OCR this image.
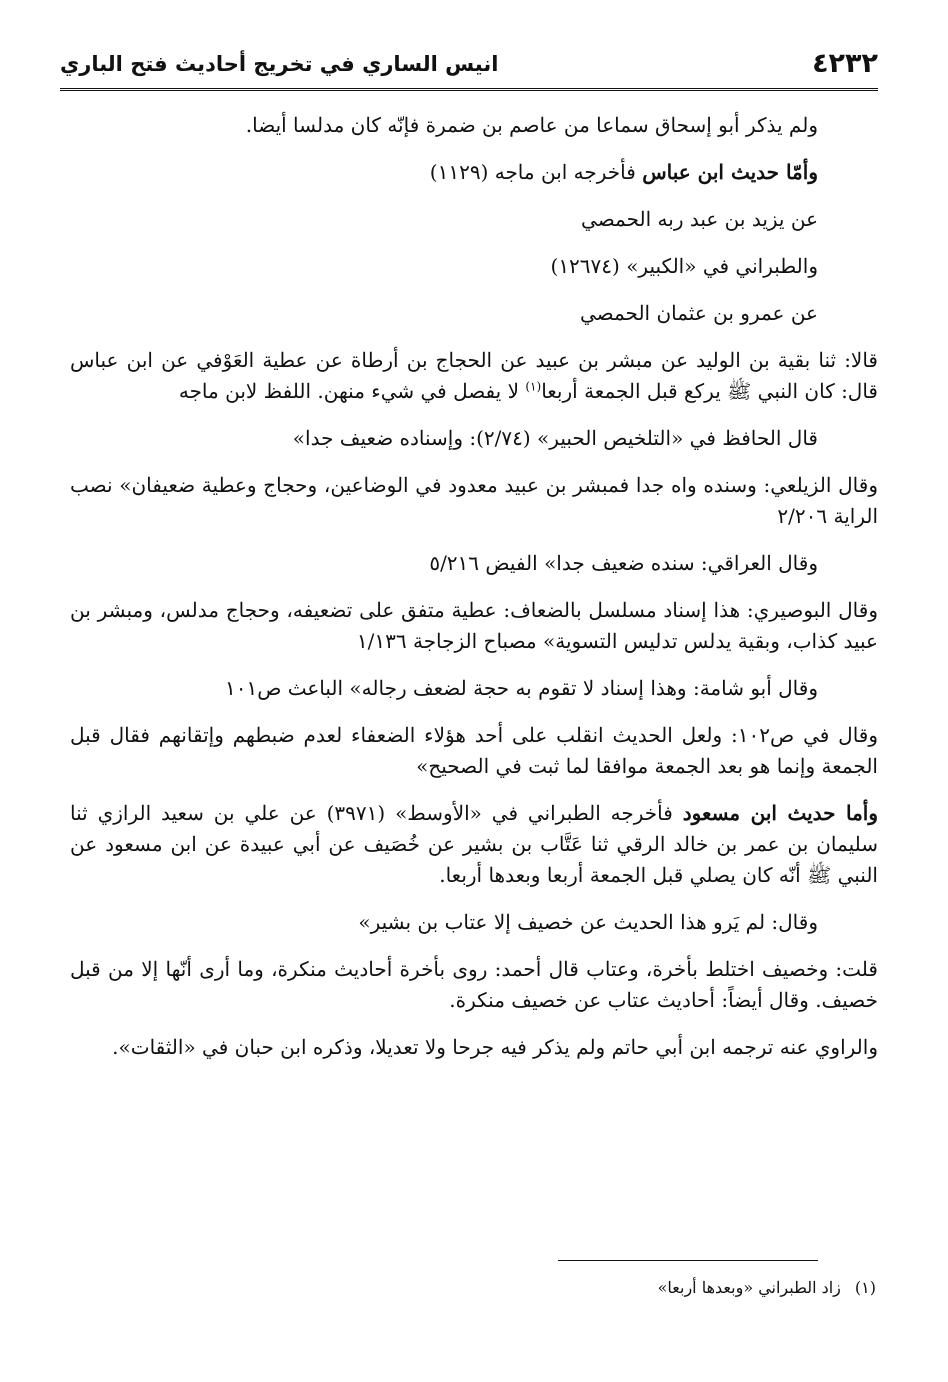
٤٢٣٢
انيس الساري في تخريج أحاديث فتح الباري

ولم يذكر أبو إسحاق سماعا من عاصم بن ضمرة فإنّه كان مدلسا أيضا.

وأمّا حديث ابن عباس فأخرجه ابن ماجه (١١٢٩)

عن يزيد بن عبد ربه الحمصي

والطبراني في «الكبير» (١٢٦٧٤)

عن عمرو بن عثمان الحمصي

قالا: ثنا بقية بن الوليد عن مبشر بن عبيد عن الحجاج بن أرطاة عن عطية العَوْفي عن ابن عباس قال: كان النبي ﷺ يركع قبل الجمعة أربعا$^{(١)}$ لا يفصل في شيء منهن. اللفظ لابن ماجه

قال الحافظ في «التلخيص الحبير» (٢/٧٤): وإسناده ضعيف جدا»

وقال الزيلعي: وسنده واه جدا فمبشر بن عبيد معدود في الوضاعين، وحجاج وعطية ضعيفان» نصب الراية ٢/٢٠٦

وقال العراقي: سنده ضعيف جدا» الفيض ٥/٢١٦

وقال البوصيري: هذا إسناد مسلسل بالضعاف: عطية متفق على تضعيفه، وحجاج مدلس، ومبشر بن عبيد كذاب، وبقية يدلس تدليس التسوية» مصباح الزجاجة ١/١٣٦

وقال أبو شامة: وهذا إسناد لا تقوم به حجة لضعف رجاله» الباعث ص١٠١

وقال في ص١٠٢: ولعل الحديث انقلب على أحد هؤلاء الضعفاء لعدم ضبطهم وإتقانهم فقال قبل الجمعة وإنما هو بعد الجمعة موافقا لما ثبت في الصحيح»

وأما حديث ابن مسعود فأخرجه الطبراني في «الأوسط» (٣٩٧١) عن علي بن سعيد الرازي ثنا سليمان بن عمر بن خالد الرقي ثنا عَتَّاب بن بشير عن خُصَيف عن أبي عبيدة عن ابن مسعود عن النبي ﷺ أنّه كان يصلي قبل الجمعة أربعا وبعدها أربعا.

وقال: لم يَرو هذا الحديث عن خصيف إلا عتاب بن بشير»

قلت: وخصيف اختلط بأخرة، وعتاب قال أحمد: روى بأخرة أحاديث منكرة، وما أرى أنّها إلا من قبل خصيف. وقال أيضاً: أحاديث عتاب عن خصيف منكرة.

والراوي عنه ترجمه ابن أبي حاتم ولم يذكر فيه جرحا ولا تعديلا، وذكره ابن حبان في «الثقات».

(١)زاد الطبراني «وبعدها أربعا»
